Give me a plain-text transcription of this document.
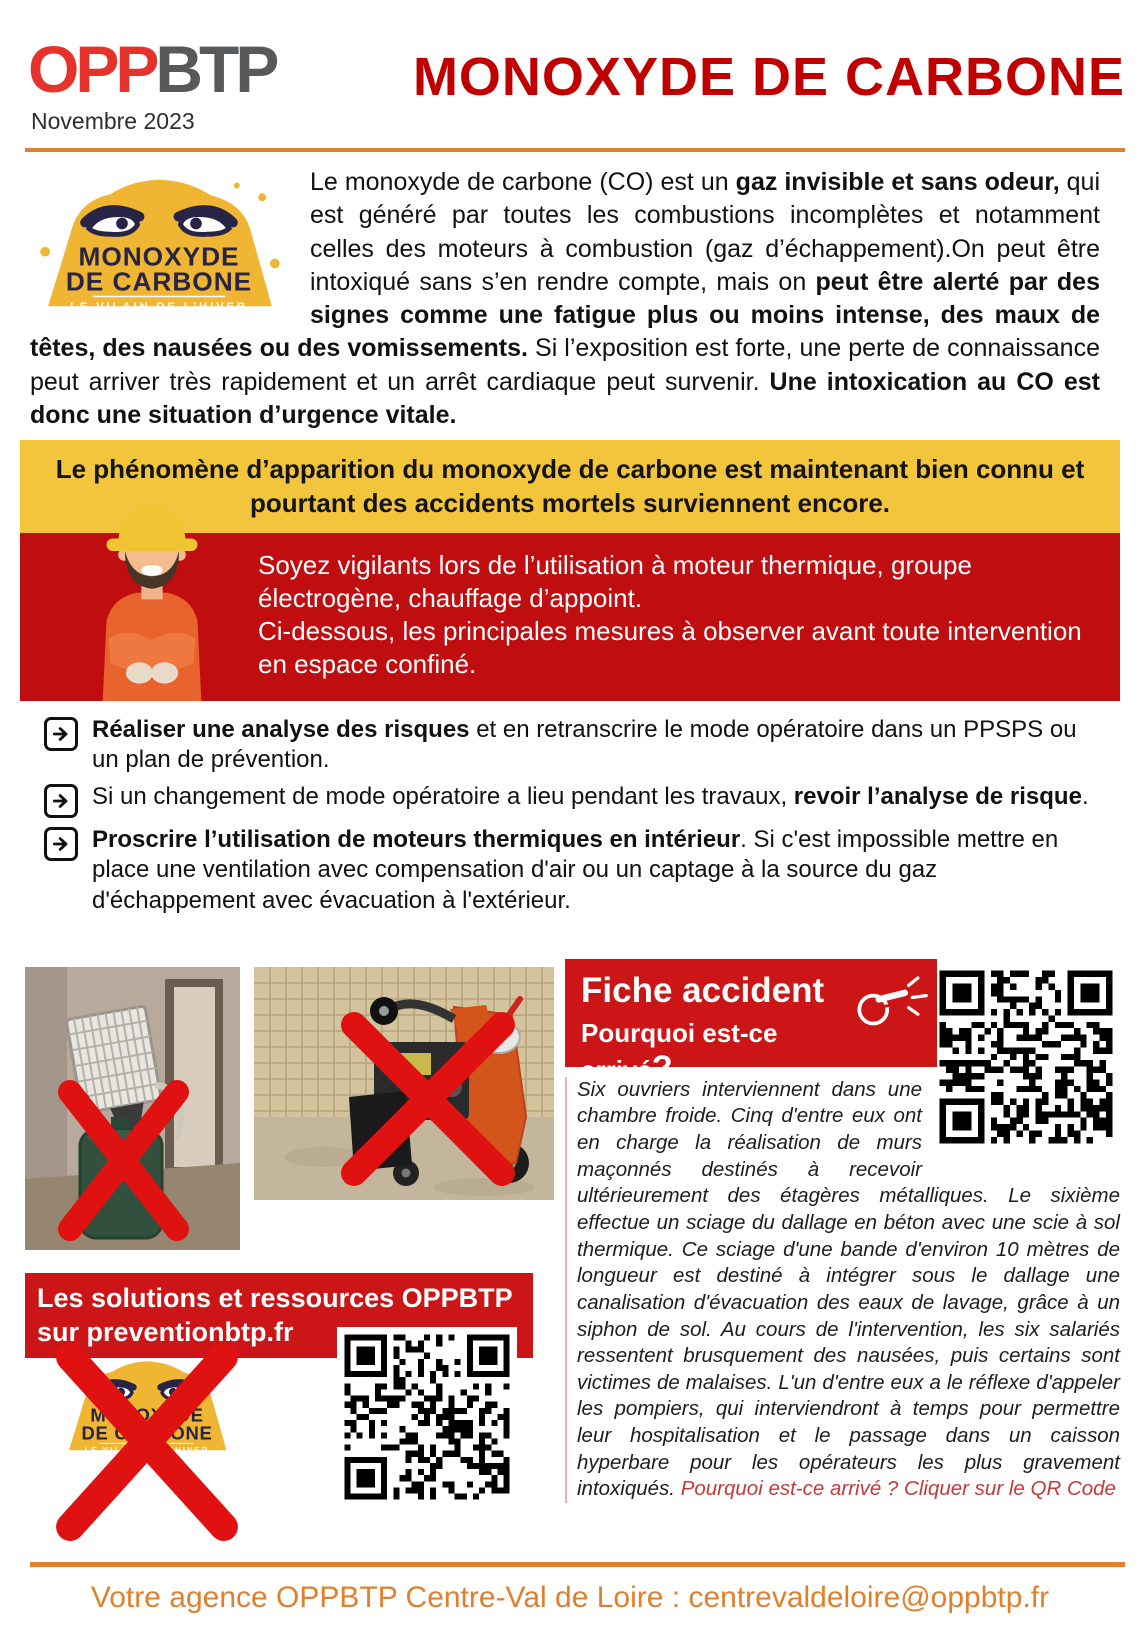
OPPBTP
Novembre 2023
MONOXYDE DE CARBONE
MONOXYDE
DE CARBONE
LE VILAIN DE L’HIVER

Le monoxyde de carbone (CO) est un gaz invisible et sans odeur, qui est généré par toutes les combustions incomplètes et notamment celles des moteurs à combustion (gaz d’échappement).On peut être intoxiqué sans s’en rendre compte, mais on peut être alerté par des signes comme une fatigue plus ou moins intense, des maux de têtes, des nausées ou des vomissements. Si l’exposition est forte, une perte de connaissance peut arriver très rapidement et un arrêt cardiaque peut survenir. Une intoxication au CO est donc une situation d’urgence vitale.

Le phénomène d’apparition du monoxyde de carbone est maintenant bien connu et pourtant des accidents mortels surviennent encore.

Soyez vigilants lors de l’utilisation à moteur thermique, groupe électrogène, chauffage d’appoint.

Ci-dessous, les principales mesures à observer avant toute intervention en espace confiné.

Réaliser une analyse des risques et en retranscrire le mode opératoire dans un PPSPS ou un plan de prévention.
Si un changement de mode opératoire a lieu pendant les travaux, revoir l’analyse de risque.
Proscrire l’utilisation de moteurs thermiques en intérieur. Si c'est impossible mettre en place une ventilation avec compensation d'air ou un captage à la source du gaz d'échappement avec évacuation à l'extérieur.
Les solutions et ressources OPPBTP
sur preventionbtp.fr
MONOXYDE
DE CARBONE
LE VILAIN DE L’HIVER
Fiche accident
Pourquoi est-ce arrivé?

Six ouvriers interviennent dans une chambre froide. Cinq d'entre eux ont en charge la réalisation de murs maçonnés destinés à recevoir ultérieurement des étagères métalliques. Le sixième effectue un sciage du dallage en béton avec une scie à sol thermique. Ce sciage d'une bande d'environ 10 mètres de longueur est destiné à intégrer sous le dallage une canalisation d'évacuation des eaux de lavage, grâce à un siphon de sol. Au cours de l'intervention, les six salariés ressentent brusquement des nausées, puis certains sont victimes de malaises. L'un d'entre eux a le réflexe d'appeler les pompiers, qui interviendront à temps pour permettre leur hospitalisation et le passage dans un caisson hyperbare pour les opérateurs les plus gravement intoxiqués. Pourquoi est-ce arrivé ? Cliquer sur le QR Code

Votre agence OPPBTP Centre-Val de Loire : centrevaldeloire@oppbtp.fr
